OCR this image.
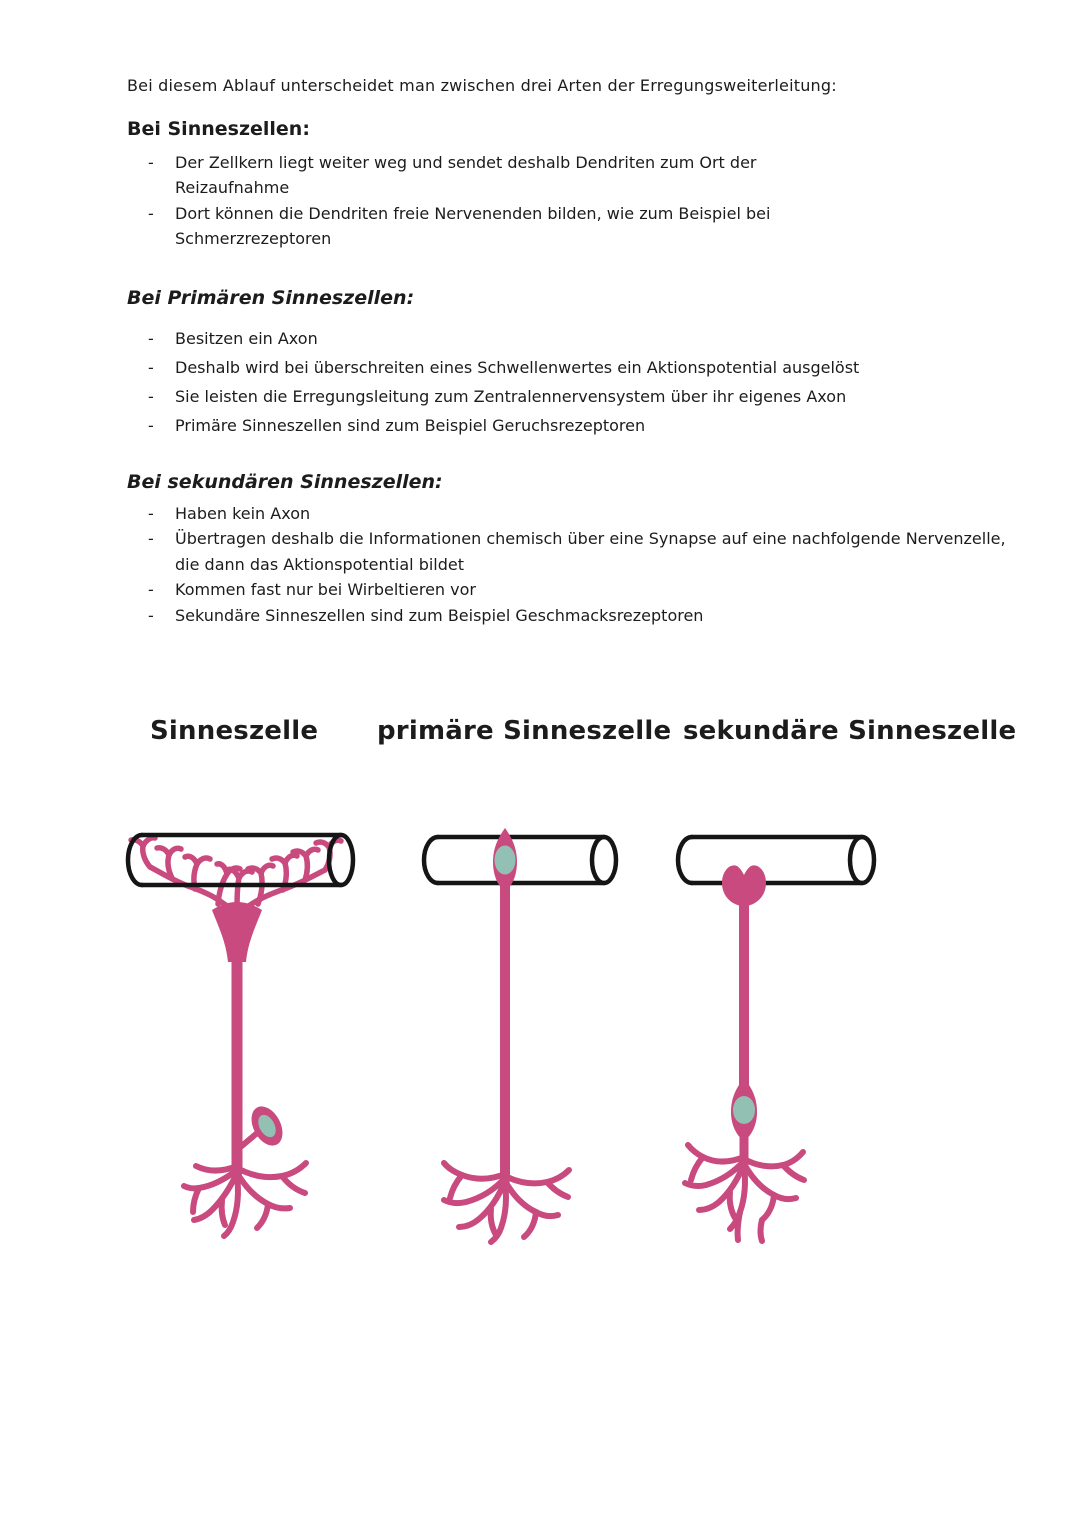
Bei diesem Ablauf unterscheidet man zwischen drei Arten der Erregungsweiterleitung:

Bei Sinneszellen:
-	Der Zellkern liegt weiter weg und sendet deshalb Dendriten zum Ort der
Reizaufnahme
-	Dort können die Dendriten freie Nervenenden bilden, wie zum Beispiel bei
Schmerzrezeptoren
Bei Primären Sinneszellen:
-	Besitzen ein Axon
-	Deshalb wird bei überschreiten eines Schwellenwertes ein Aktionspotential ausgelöst
-	Sie leisten die Erregungsleitung zum Zentralennervensystem über ihr eigenes Axon
-	Primäre Sinneszellen sind zum Beispiel Geruchsrezeptoren
Bei sekundären Sinneszellen:
-	Haben kein Axon
-	Übertragen deshalb die Informationen chemisch über eine Synapse auf eine nachfolgende Nervenzelle,
die dann das Aktionspotential bildet
-	Kommen fast nur bei Wirbeltieren vor
-	Sekundäre Sinneszellen sind zum Beispiel Geschmacksrezeptoren
Sinneszelle primäre Sinneszelle sekundäre Sinneszelle
